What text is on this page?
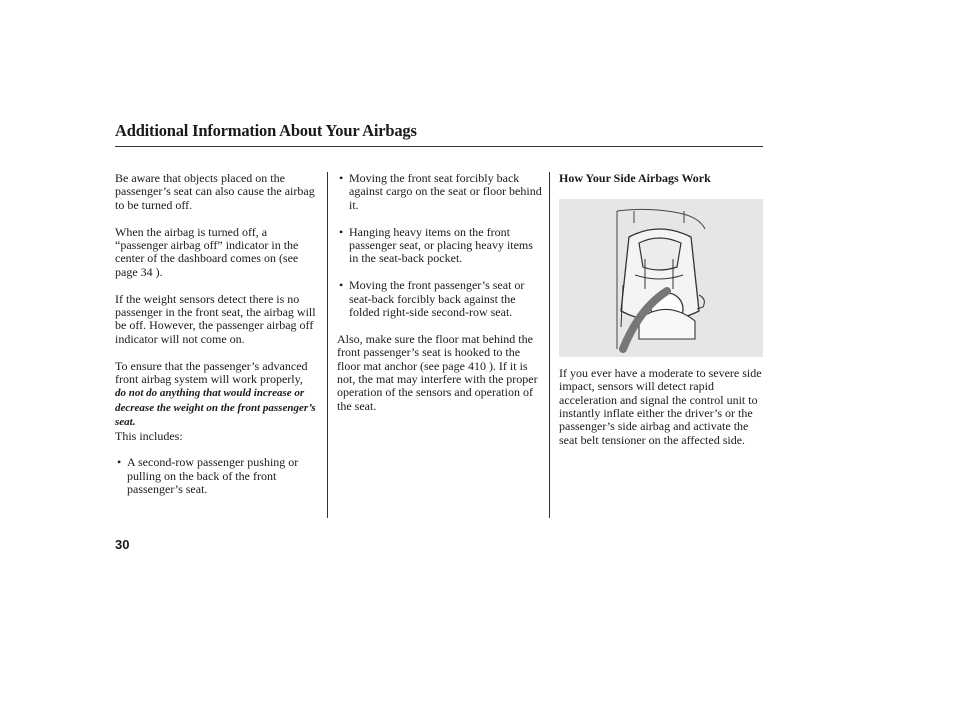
Additional Information About Your Airbags

Be aware that objects placed on the passenger’s seat can also cause the airbag to be turned off.

When the airbag is turned off, a “passenger airbag off” indicator in the center of the dashboard comes on (see page 34 ).

If the weight sensors detect there is no passenger in the front seat, the airbag will be off. However, the passenger airbag off indicator will not come on.

To ensure that the passenger’s advanced front airbag system will work properly, do not do anything that would increase or decrease the weight on the front passenger’s seat.
This includes:

• A second-row passenger pushing or pulling on the back of the front passenger’s seat.
• Moving the front seat forcibly back against cargo on the seat or floor behind it.
• Hanging heavy items on the front passenger seat, or placing heavy items in the seat-back pocket.
• Moving the front passenger’s seat or seat-back forcibly back against the folded right-side second-row seat.

Also, make sure the floor mat behind the front passenger’s seat is hooked to the floor mat anchor (see page 410 ). If it is not, the mat may interfere with the proper operation of the sensors and operation of the seat.

How Your Side Airbags Work

If you ever have a moderate to severe side impact, sensors will detect rapid acceleration and signal the control unit to instantly inflate either the driver’s or the passenger’s side airbag and activate the seat belt tensioner on the affected side.

30
